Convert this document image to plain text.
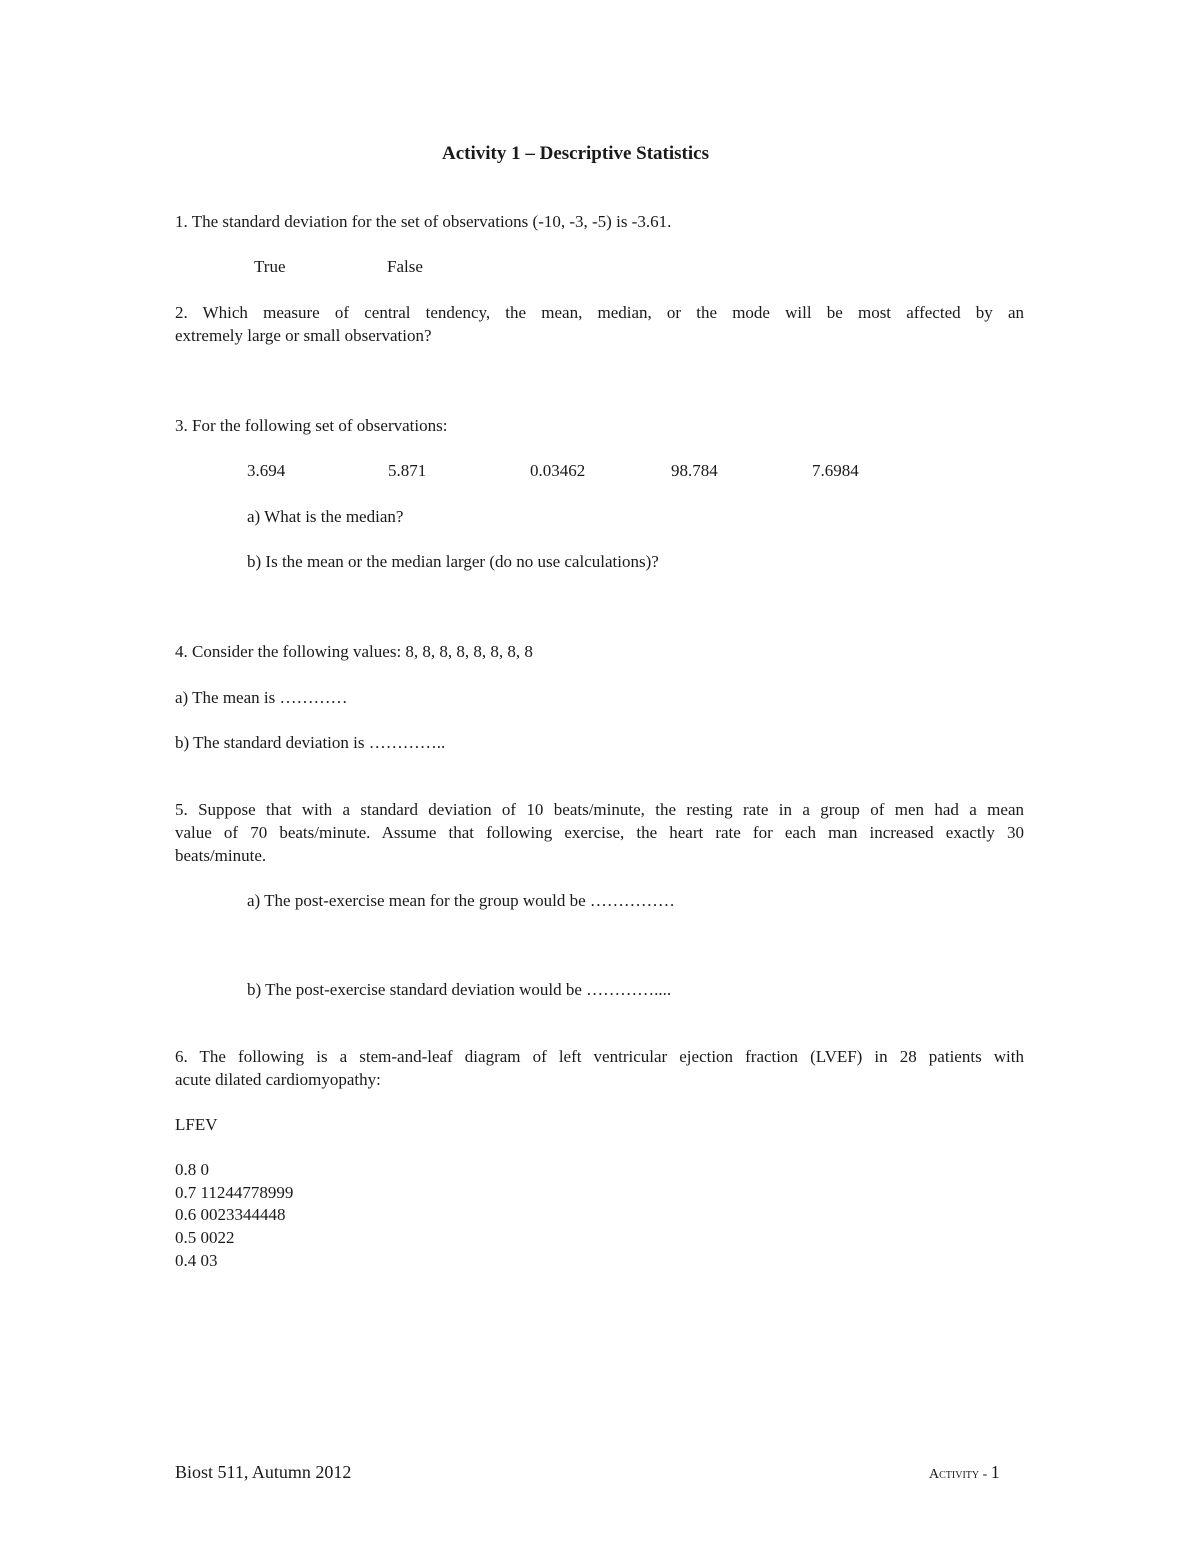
Activity 1 – Descriptive Statistics
1. The standard deviation for the set of observations (-10, -3, -5) is -3.61.
True	False
2. Which measure of central tendency, the mean, median, or the mode will be most affected by an
extremely large or small observation?
3. For the following set of observations:
3.694	5.871	0.03462	98.784	7.6984
a) What is the median?
b) Is the mean or the median larger (do no use calculations)?
4. Consider the following values: 8, 8, 8, 8, 8, 8, 8, 8
a) The mean is …………
b) The standard deviation is …………..
5. Suppose that with a standard deviation of 10 beats/minute, the resting rate in a group of men had a mean
value of 70 beats/minute. Assume that following exercise, the heart rate for each man increased exactly 30
beats/minute.
a) The post-exercise mean for the group would be ……………
b) The post-exercise standard deviation would be …………....
6. The following is a stem-and-leaf diagram of left ventricular ejection fraction (LVEF) in 28 patients with
acute dilated cardiomyopathy:
LFEV
0.8 0
0.7 11244778999
0.6 0023344448
0.5 0022
0.4 03
Biost 511, Autumn 2012	Activity - 1
